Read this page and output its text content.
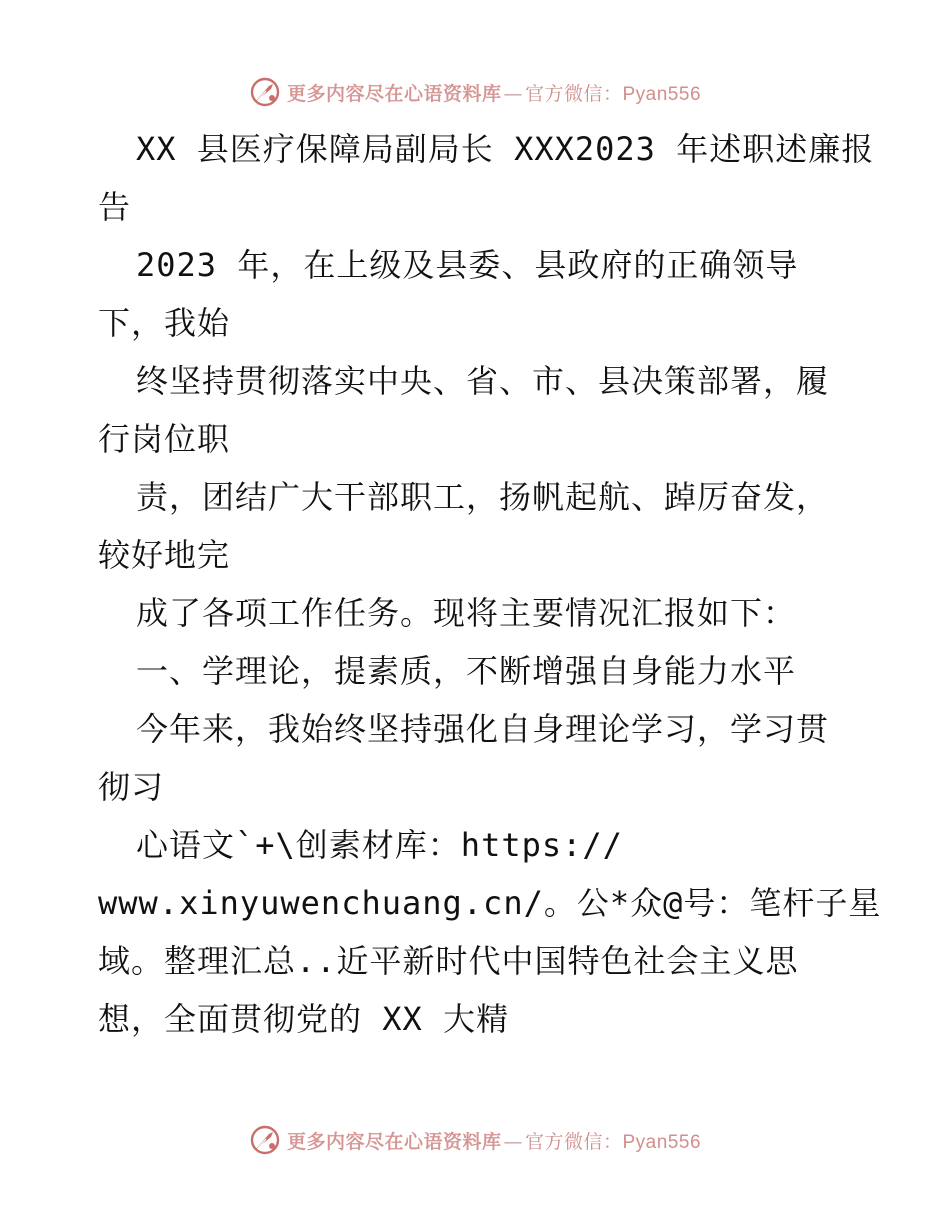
更多内容尽在心语资料库 — 官方微信：Pyan556
XX 县医疗保障局副局长 XXX2023 年述职述廉报
告
2023 年，在上级及县委、县政府的正确领导
下，我始
终坚持贯彻落实中央、省、市、县决策部署，履
行岗位职
责，团结广大干部职工，扬帆起航、踔厉奋发，
较好地完
成了各项工作任务。现将主要情况汇报如下：
一、学理论，提素质，不断增强自身能力水平
今年来，我始终坚持强化自身理论学习，学习贯
彻习
心语文`+\创素材库：https://
www.xinyuwenchuang.cn/。公*众@号：笔杆子星
域。整理汇总..近平新时代中国特色社会主义思
想，全面贯彻党的 XX 大精
更多内容尽在心语资料库 — 官方微信：Pyan556
